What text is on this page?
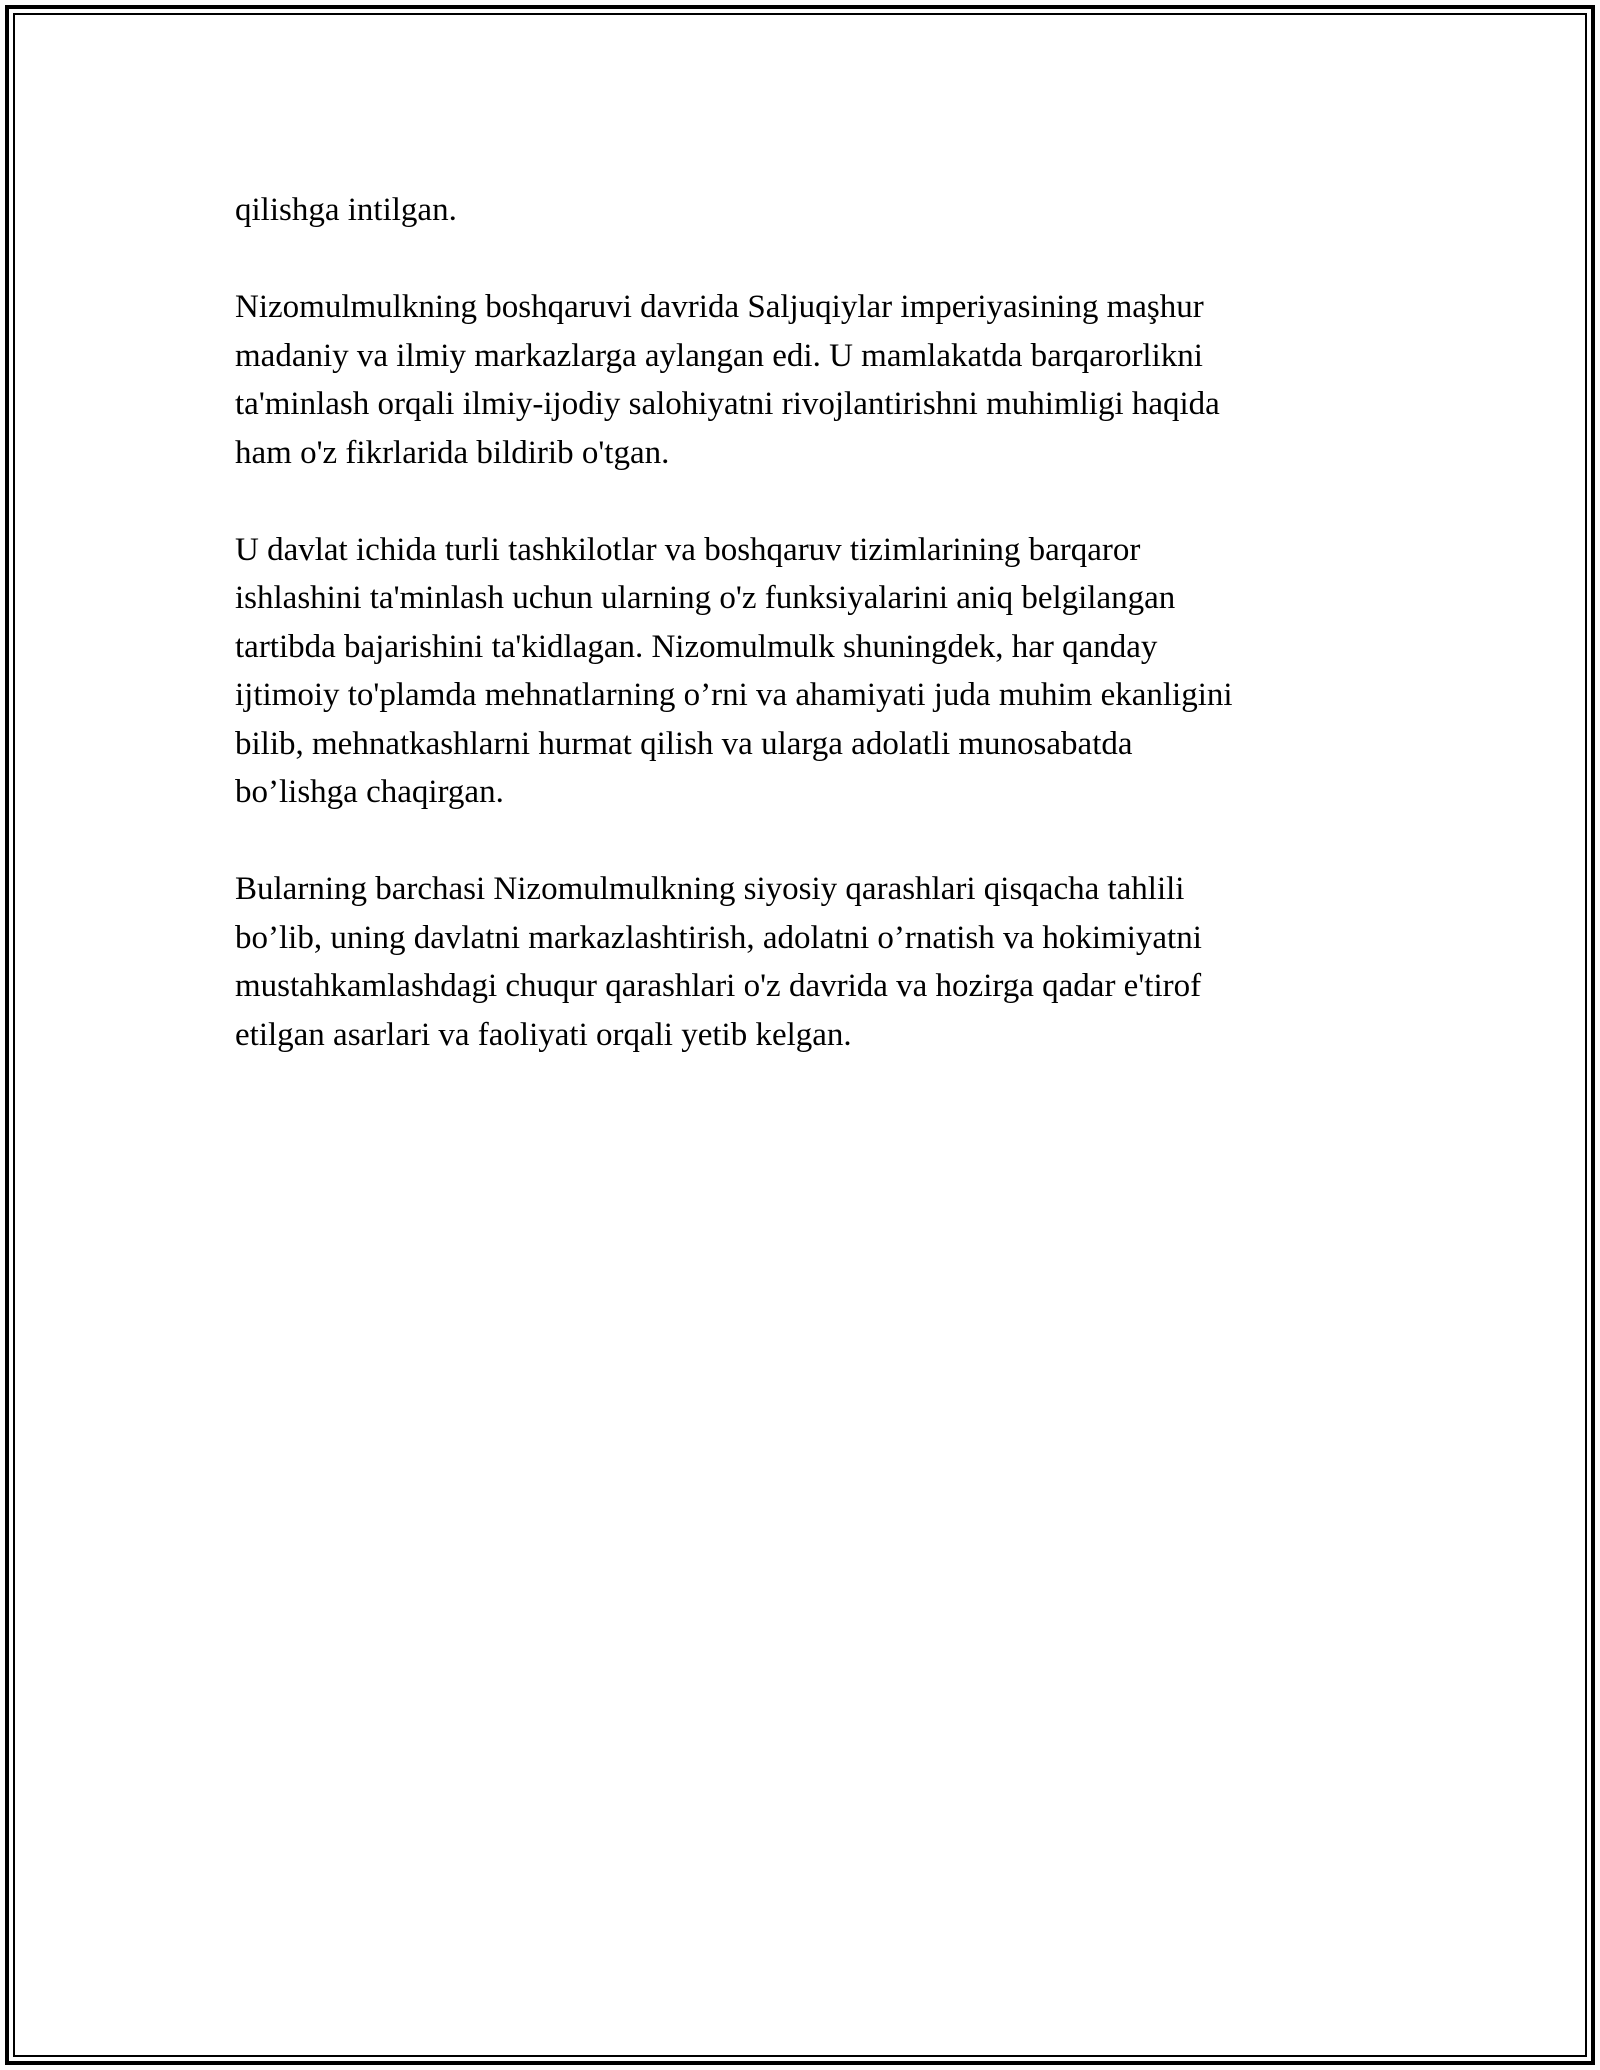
qilishga intilgan.

Nizomulmulkning boshqaruvi davrida Saljuqiylar imperiyasining maşhur
madaniy va ilmiy markazlarga aylangan edi. U mamlakatda barqarorlikni
ta'minlash orqali ilmiy-ijodiy salohiyatni rivojlantirishni muhimligi haqida
ham o'z fikrlarida bildirib o'tgan.

U davlat ichida turli tashkilotlar va boshqaruv tizimlarining barqaror
ishlashini ta'minlash uchun ularning o'z funksiyalarini aniq belgilangan
tartibda bajarishini ta'kidlagan. Nizomulmulk shuningdek, har qanday
ijtimoiy to'plamda mehnatlarning o’rni va ahamiyati juda muhim ekanligini
bilib, mehnatkashlarni hurmat qilish va ularga adolatli munosabatda
bo’lishga chaqirgan.

Bularning barchasi Nizomulmulkning siyosiy qarashlari qisqacha tahlili
bo’lib, uning davlatni markazlashtirish, adolatni o’rnatish va hokimiyatni
mustahkamlashdagi chuqur qarashlari o'z davrida va hozirga qadar e'tirof
etilgan asarlari va faoliyati orqali yetib kelgan.
